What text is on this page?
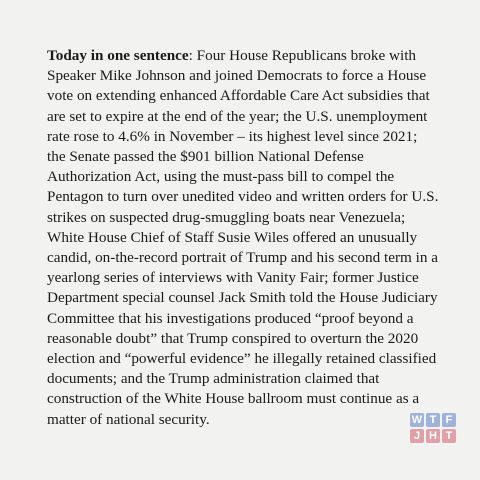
Today in one sentence: Four House Republicans broke with Speaker Mike Johnson and joined Democrats to force a House vote on extending enhanced Affordable Care Act subsidies that are set to expire at the end of the year; the U.S. unemployment rate rose to 4.6% in November – its highest level since 2021; the Senate passed the $901 billion National Defense Authorization Act, using the must-pass bill to compel the Pentagon to turn over unedited video and written orders for U.S. strikes on suspected drug-smuggling boats near Venezuela; White House Chief of Staff Susie Wiles offered an unusually candid, on-the-record portrait of Trump and his second term in a yearlong series of interviews with Vanity Fair; former Justice Department special counsel Jack Smith told the House Judiciary Committee that his investigations produced “proof beyond a reasonable doubt” that Trump conspired to overturn the 2020 election and “powerful evidence” he illegally retained classified documents; and the Trump administration claimed that construction of the White House ballroom must continue as a matter of national security.	W T F
J H T
